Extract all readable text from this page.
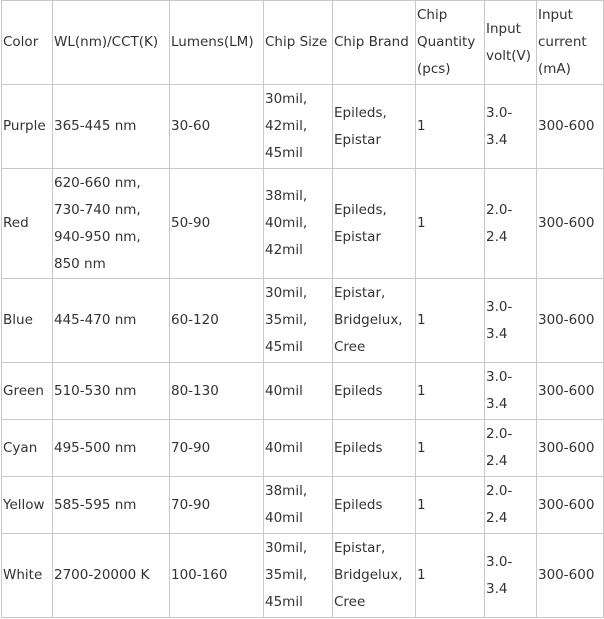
Color	WL(nm)/CCT(K)	Lumens(LM)	Chip Size	Chip Brand	Chip
Quantity
(pcs)	Input
volt(V)	Input
current
(mA)

Purple	365-445 nm	30-60	30mil,
42mil,
45mil	Epileds,
Epistar	1	3.0-
3.4	300-600

Red	620-660 nm,
730-740 nm,
940-950 nm,
850 nm	50-90	38mil,
40mil,
42mil	Epileds,
Epistar	1	2.0-
2.4	300-600

Blue	445-470 nm	60-120	30mil,
35mil,
45mil	Epistar,
Bridgelux,
Cree	1	3.0-
3.4	300-600

Green	510-530 nm	80-130	40mil	Epileds	1	3.0-
3.4	300-600

Cyan	495-500 nm	70-90	40mil	Epileds	1	2.0-
2.4	300-600

Yellow	585-595 nm	70-90	38mil,
40mil	Epileds	1	2.0-
2.4	300-600

White	2700-20000 K	100-160	30mil,
35mil,
45mil	Epistar,
Bridgelux,
Cree	1	3.0-
3.4	300-600
